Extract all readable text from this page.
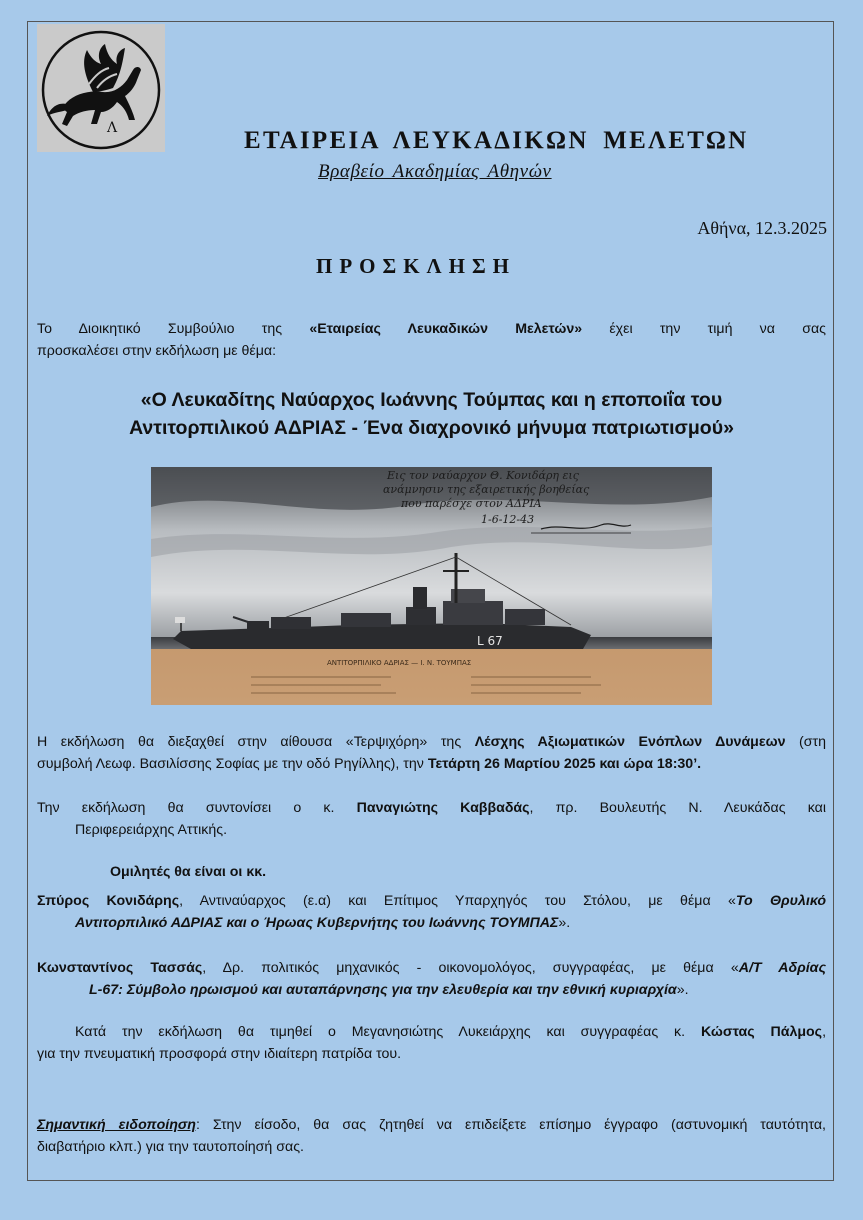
Λ	ΕΤΑΙΡΕΙΑ ΛΕΥΚΑΔΙΚΩΝ ΜΕΛΕΤΩΝ
Βραβείο Ακαδημίας Αθηνών
Αθήνα, 12.3.2025
ΠΡΟΣΚΛΗΣΗ
Το Διοικητικό Συμβούλιο της «Εταιρείας Λευκαδικών Μελετών» έχει την τιμή να σας
προσκαλέσει στην εκδήλωση με θέμα:
«Ο Λευκαδίτης Ναύαρχος Ιωάννης Τούμπας και η εποποιΐα του
Αντιτορπιλικού ΑΔΡΙΑΣ - Ένα διαχρονικό μήνυμα πατριωτισμού»
L 67
Εις τον ναύαρχον Θ. Κονιδάρη εις
ανάμνησιν της εξαιρετικής βοηθείας
που παρέσχε στον ΑΔΡΙΑ
1-6-12-43
ΑΝΤΙΤΟΡΠΙΛΙΚΟ ΑΔΡΙΑΣ — Ι. Ν. ΤΟΥΜΠΑΣ
Η εκδήλωση θα διεξαχθεί στην αίθουσα «Τερψιχόρη» της Λέσχης Αξιωματικών Ενόπλων Δυνάμεων (στη
συμβολή Λεωφ. Βασιλίσσης Σοφίας με την οδό Ρηγίλλης), την Τετάρτη 26 Μαρτίου 2025 και ώρα 18:30’.
Την εκδήλωση θα συντονίσει ο κ. Παναγιώτης Καββαδάς, πρ. Βουλευτής Ν. Λευκάδας και
Περιφερειάρχης Αττικής.
Ομιλητές θα είναι οι κκ.
Σπύρος Κονιδάρης, Αντιναύαρχος (ε.α) και Επίτιμος Υπαρχηγός του Στόλου, με θέμα «Το Θρυλικό
Αντιτορπιλικό ΑΔΡΙΑΣ και ο Ήρωας Κυβερνήτης του Ιωάννης ΤΟΥΜΠΑΣ».
Κωνσταντίνος Τασσάς, Δρ. πολιτικός μηχανικός - οικονομολόγος, συγγραφέας, με θέμα «Α/Τ Αδρίας
L-67: Σύμβολο ηρωισμού και αυταπάρνησης για την ελευθερία και την εθνική κυριαρχία».
Κατά την εκδήλωση θα τιμηθεί ο Μεγανησιώτης Λυκειάρχης και συγγραφέας κ. Κώστας Πάλμος,
για την πνευματική προσφορά στην ιδιαίτερη πατρίδα του.
Σημαντική ειδοποίηση: Στην είσοδο, θα σας ζητηθεί να επιδείξετε επίσημο έγγραφο (αστυνομική ταυτότητα,
διαβατήριο κλπ.) για την ταυτοποίησή σας.
